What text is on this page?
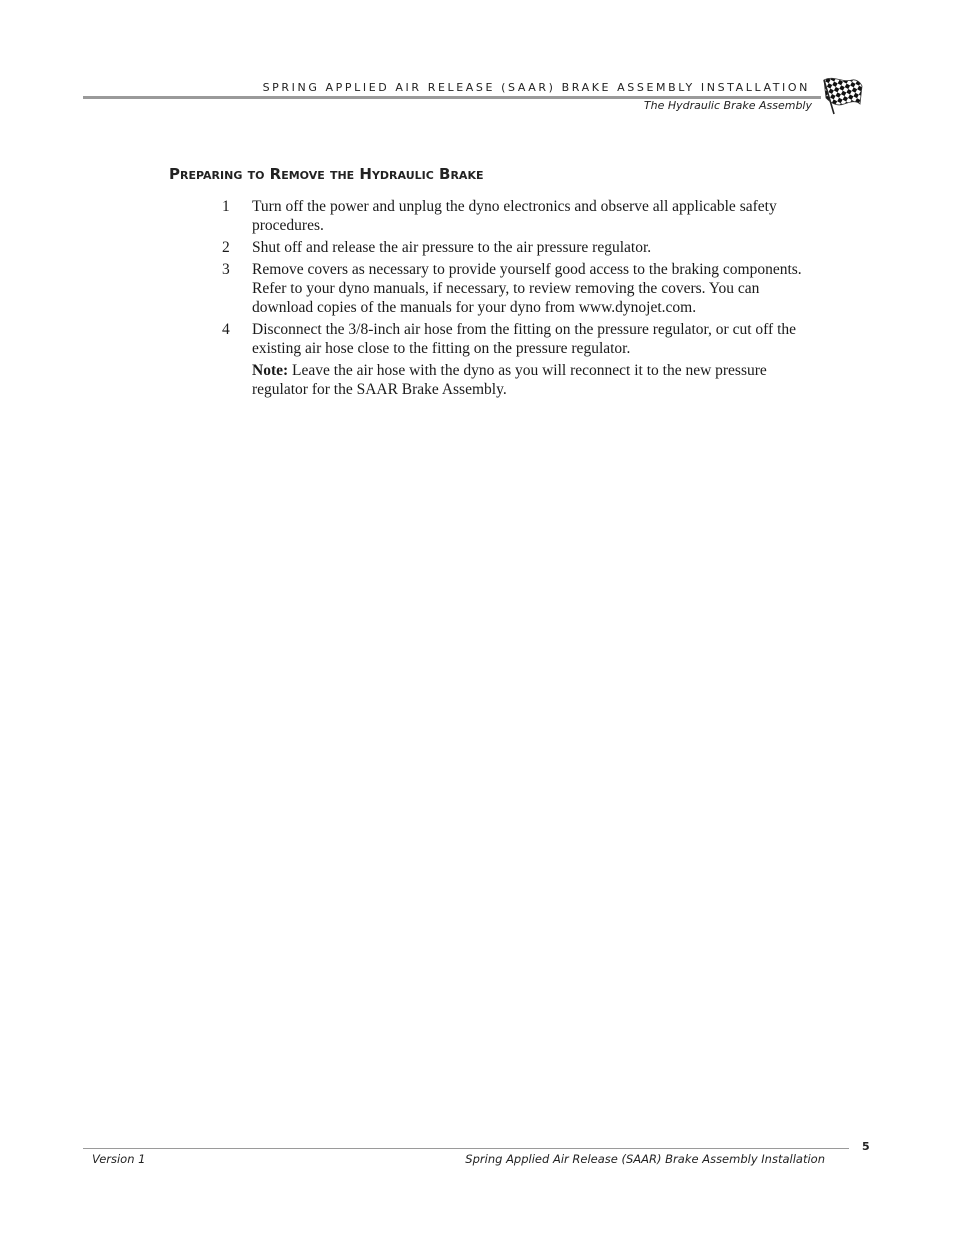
SPRING APPLIED AIR RELEASE (SAAR) BRAKE ASSEMBLY INSTALLATION
The Hydraulic Brake Assembly
Preparing to Remove the Hydraulic Brake
1	Turn off the power and unplug the dyno electronics and observe all applicable safety procedures.
2	Shut off and release the air pressure to the air pressure regulator.
3	Remove covers as necessary to provide yourself good access to the braking components. Refer to your dyno manuals, if necessary, to review removing the covers. You can download copies of the manuals for your dyno from www.dynojet.com.
4	Disconnect the 3/8-inch air hose from the fitting on the pressure regulator, or cut off the existing air hose close to the fitting on the pressure regulator.
Note: Leave the air hose with the dyno as you will reconnect it to the new pressure regulator for the SAAR Brake Assembly.
5
Version 1	Spring Applied Air Release (SAAR) Brake Assembly Installation
